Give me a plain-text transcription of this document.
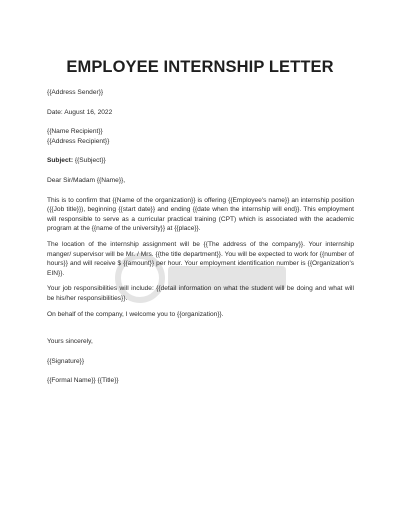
EMPLOYEE INTERNSHIP LETTER
{{Address Sender}}
Date: August 16, 2022
{{Name Recipient}}
{{Address Recipient}}
Subject: {{Subject}}
Dear Sir/Madam {{Name}},
This is to confirm that {{Name of the organization}} is offering {{Employee's name}} an internship position ({{Job title}}), beginning {{start date}} and ending {{date when the internship will end}}. This employment will responsible to serve as a curricular practical training (CPT) which is associated with the academic program at the {{name of the university}} at {{place}}.
The location of the internship assignment will be {{The address of the company}}. Your internship manger/ supervisor will be Mr. / Mrs. {{the title department}}. You will be expected to work for {{number of hours}} and will receive $ {{amount}} per hour. Your employment identification number is {{Organization's EIN}}.
Your job responsibilities will include: {{detail information on what the student will be doing and what will be his/her responsibilities}}.
On behalf of the company, I welcome you to {{organization}}.
Yours sincerely,
{{Signature}}
{{Formal Name}} {{Title}}
